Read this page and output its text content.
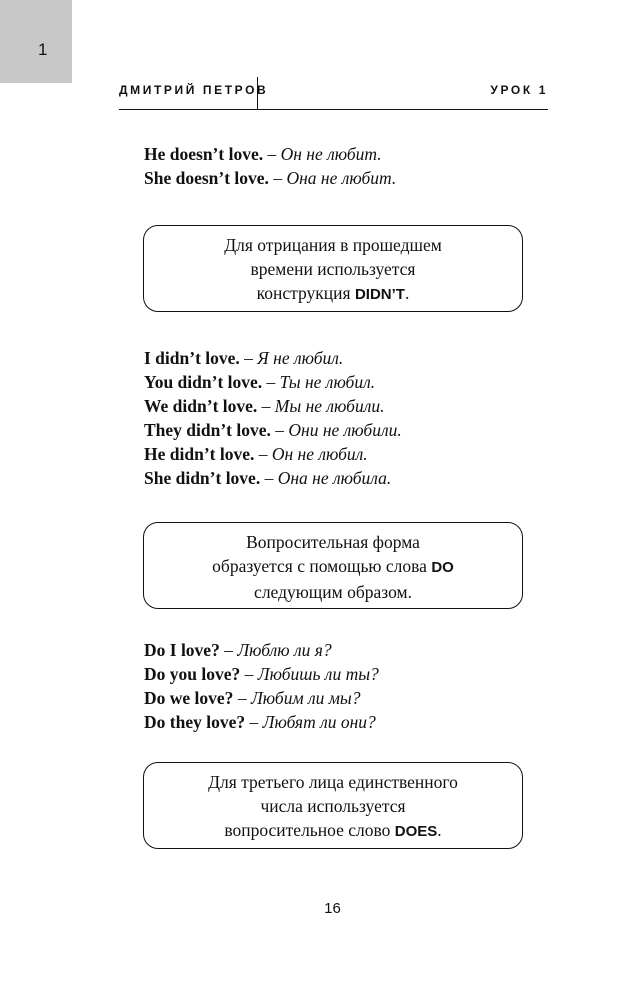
1
ДМИТРИЙ ПЕТРОВ	УРОК 1
He doesn’t love. – Он не любит.
She doesn’t love. – Она не любит.
Для отрицания в прошедшем
времени используется
конструкция DIDN’T.
I didn’t love. – Я не любил.
You didn’t love. – Ты не любил.
We didn’t love. – Мы не любили.
They didn’t love. – Они не любили.
He didn’t love. – Он не любил.
She didn’t love. – Она не любила.
Вопросительная форма
образуется с помощью слова DO
следующим образом.
Do I love? – Люблю ли я?
Do you love? – Любишь ли ты?
Do we love? – Любим ли мы?
Do they love? – Любят ли они?
Для третьего лица единственного
числа используется
вопросительное слово DOES.
16
